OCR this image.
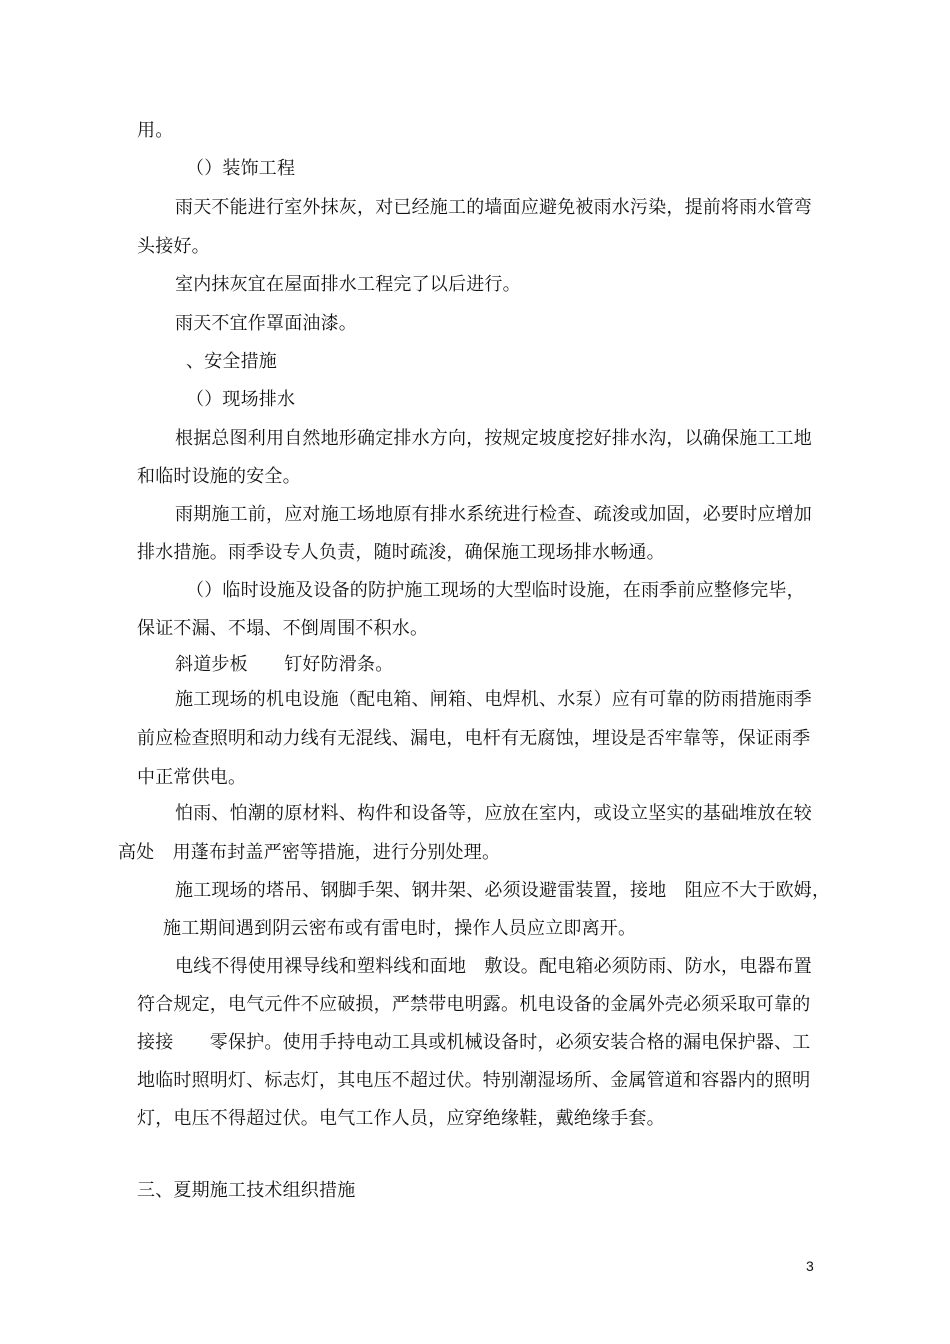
用。
（）装饰工程
雨天不能进行室外抹灰，对已经施工的墙面应避免被雨水污染，提前将雨水管弯
头接好。
室内抹灰宜在屋面排水工程完了以后进行。
雨天不宜作罩面油漆。
、安全措施
（）现场排水
根据总图利用自然地形确定排水方向，按规定坡度挖好排水沟，以确保施工工地
和临时设施的安全。
雨期施工前，应对施工场地原有排水系统进行检查、疏浚或加固，必要时应增加
排水措施。雨季设专人负责，随时疏浚，确保施工现场排水畅通。
（）临时设施及设备的防护施工现场的大型临时设施，在雨季前应整修完毕，
保证不漏、不塌、不倒周围不积水。
斜道步板　　钉好防滑条。
施工现场的机电设施（配电箱、闸箱、电焊机、水泵）应有可靠的防雨措施雨季
前应检查照明和动力线有无混线、漏电，电杆有无腐蚀，埋设是否牢靠等，保证雨季
中正常供电。
怕雨、怕潮的原材料、构件和设备等，应放在室内，或设立坚实的基础堆放在较
高处　用蓬布封盖严密等措施，进行分别处理。
施工现场的塔吊、钢脚手架、钢井架、必须设避雷装置，接地　阻应不大于欧姆，
施工期间遇到阴云密布或有雷电时，操作人员应立即离开。
电线不得使用裸导线和塑料线和面地　敷设。配电箱必须防雨、防水，电器布置
符合规定，电气元件不应破损，严禁带电明露。机电设备的金属外壳必须采取可靠的
接接　　零保护。使用手持电动工具或机械设备时，必须安装合格的漏电保护器、工
地临时照明灯、标志灯，其电压不超过伏。特别潮湿场所、金属管道和容器内的照明
灯，电压不得超过伏。电气工作人员，应穿绝缘鞋，戴绝缘手套。
三、夏期施工技术组织措施
3
